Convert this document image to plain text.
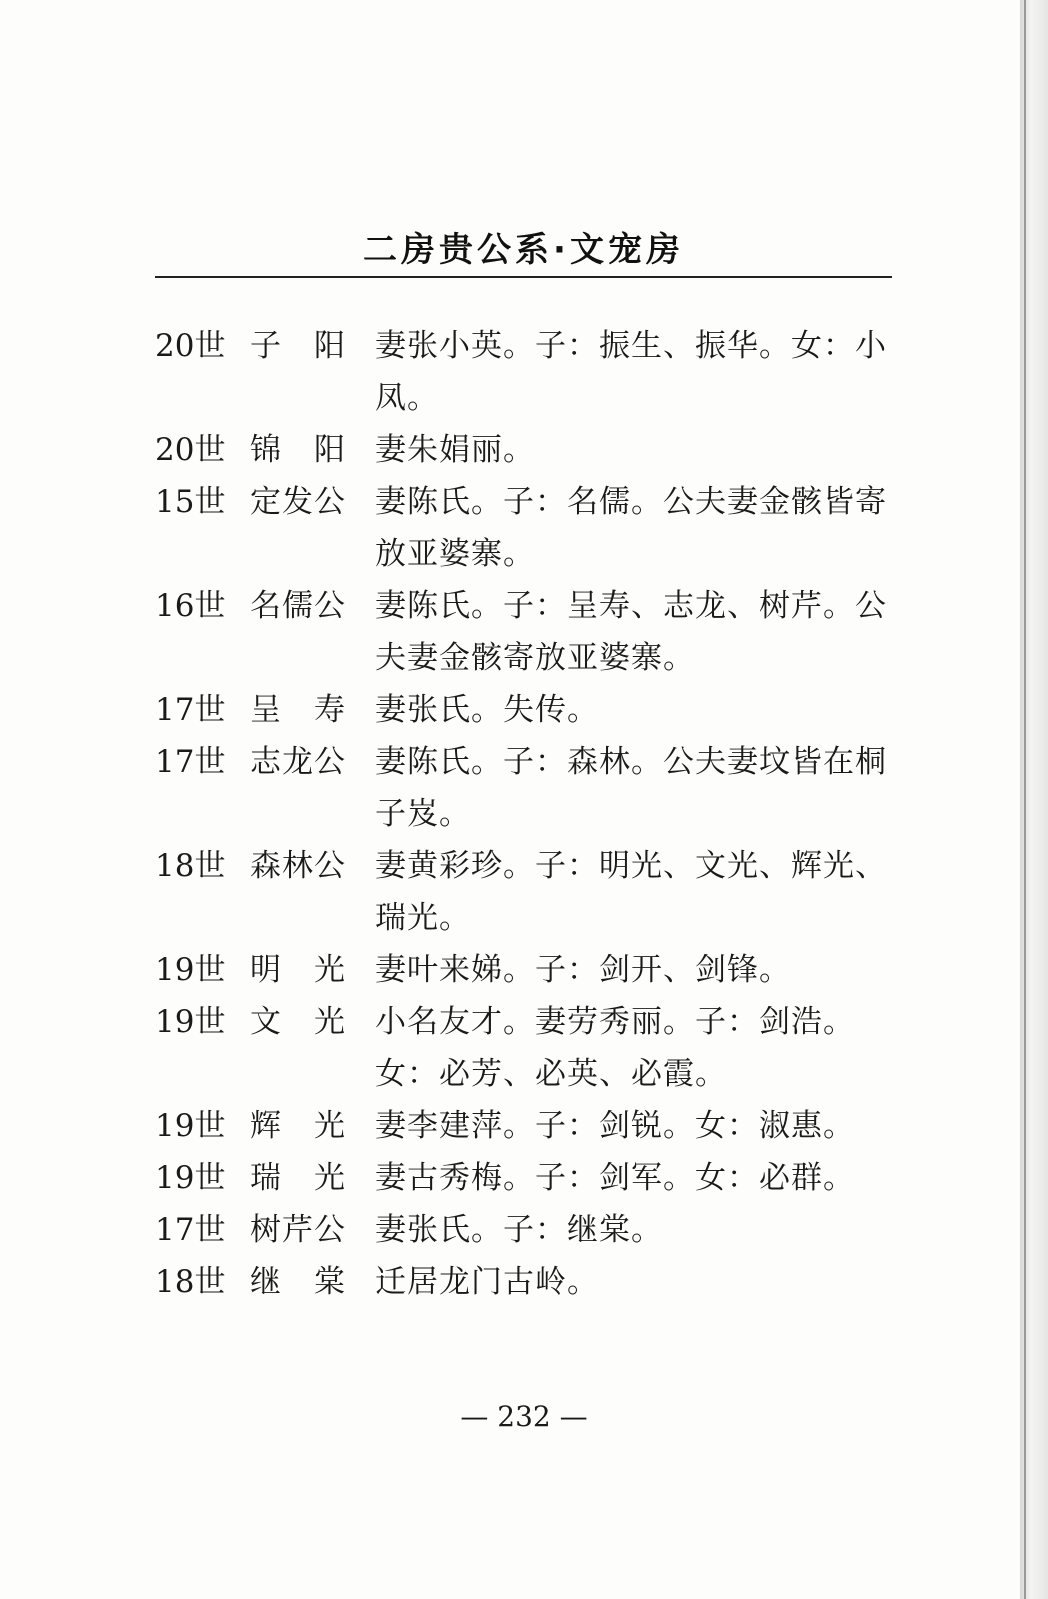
二房贵公系·文宠房
20世 子阳 妻张小英。子：振生、振华。女：小凤。
20世 锦阳 妻朱娟丽。
15世 定发公 妻陈氏。子：名儒。公夫妻金骸皆寄放亚婆寨。
16世 名儒公 妻陈氏。子：呈寿、志龙、树芹。公夫妻金骸寄放亚婆寨。
17世 呈寿 妻张氏。失传。
17世 志龙公 妻陈氏。子：森林。公夫妻坟皆在桐子岌。
18世 森林公 妻黄彩珍。子：明光、文光、辉光、瑞光。
19世 明光 妻叶来娣。子：剑开、剑锋。
19世 文光 小名友才。妻劳秀丽。子：剑浩。女：必芳、必英、必霞。
19世 辉光 妻李建萍。子：剑锐。女：淑惠。
19世 瑞光 妻古秀梅。子：剑军。女：必群。
17世 树芹公 妻张氏。子：继棠。
18世 继棠 迁居龙门古岭。
— 232 —
